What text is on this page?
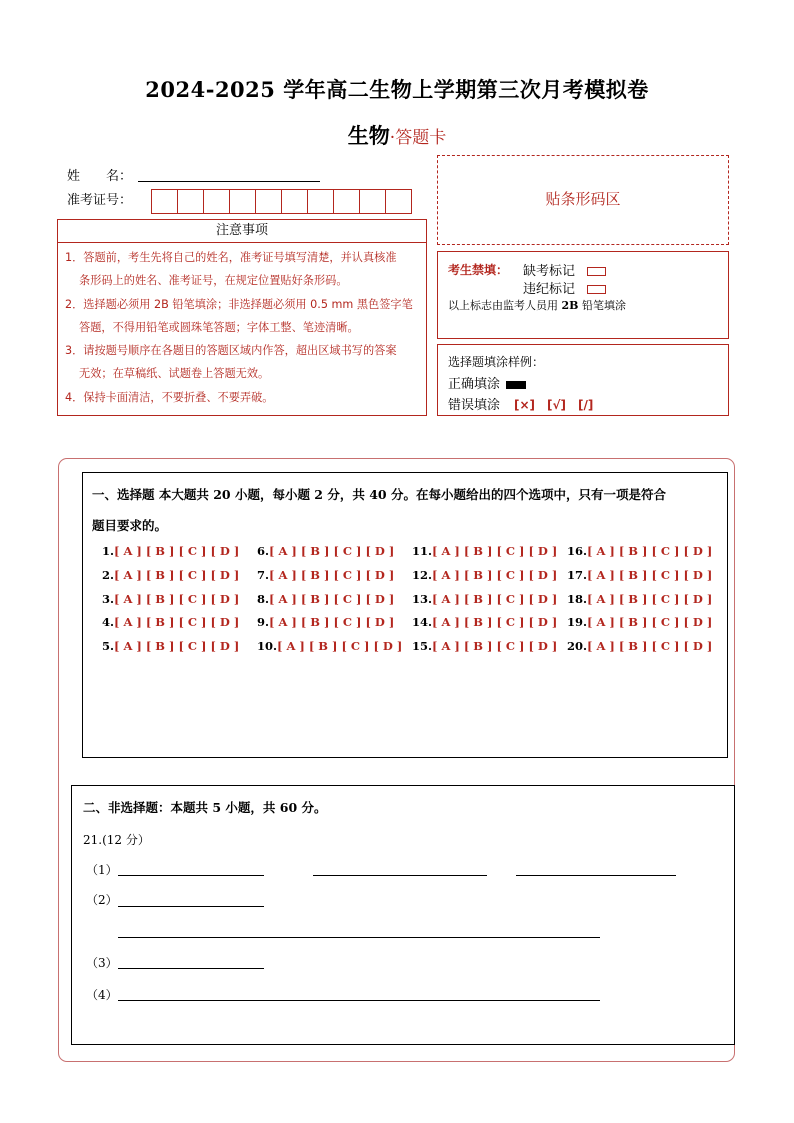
2024-2025 学年高二生物上学期第三次月考模拟卷
生物·答题卡
姓　　名：
准考证号：
注意事项

1．答题前，考生先将自己的姓名，准考证号填写清楚，并认真核准

条形码上的姓名、准考证号，在规定位置贴好条形码。

2．选择题必须用 2B 铅笔填涂；非选择题必须用 0.5 mm 黑色签字笔

答题，不得用铅笔或圆珠笔答题；字体工整、笔迹清晰。

3．请按题号顺序在各题目的答题区域内作答，超出区域书写的答案

无效；在草稿纸、试题卷上答题无效。

4．保持卡面清洁，不要折叠、不要弄破。

贴条形码区
考生禁填： 缺考标记
违纪标记
以上标志由监考人员用 2B 铅笔填涂
选择题填涂样例：
正确填涂
错误填涂 [×]　[√]　[/]
一、选择题 本大题共 20 小题，每小题 2 分，共 40 分。在每小题给出的四个选项中，只有一项是符合
题目要求的。
1.[ A ] [ B ] [ C ] [ D ]
2.[ A ] [ B ] [ C ] [ D ]
3.[ A ] [ B ] [ C ] [ D ]
4.[ A ] [ B ] [ C ] [ D ]
5.[ A ] [ B ] [ C ] [ D ]
6.[ A ] [ B ] [ C ] [ D ]
7.[ A ] [ B ] [ C ] [ D ]
8.[ A ] [ B ] [ C ] [ D ]
9.[ A ] [ B ] [ C ] [ D ]
10.[ A ] [ B ] [ C ] [ D ]
11.[ A ] [ B ] [ C ] [ D ]
12.[ A ] [ B ] [ C ] [ D ]
13.[ A ] [ B ] [ C ] [ D ]
14.[ A ] [ B ] [ C ] [ D ]
15.[ A ] [ B ] [ C ] [ D ]
16.[ A ] [ B ] [ C ] [ D ]
17.[ A ] [ B ] [ C ] [ D ]
18.[ A ] [ B ] [ C ] [ D ]
19.[ A ] [ B ] [ C ] [ D ]
20.[ A ] [ B ] [ C ] [ D ]
二、非选择题：本题共 5 小题，共 60 分。
21.(12 分）
（1）
（2）
（3）
（4）
